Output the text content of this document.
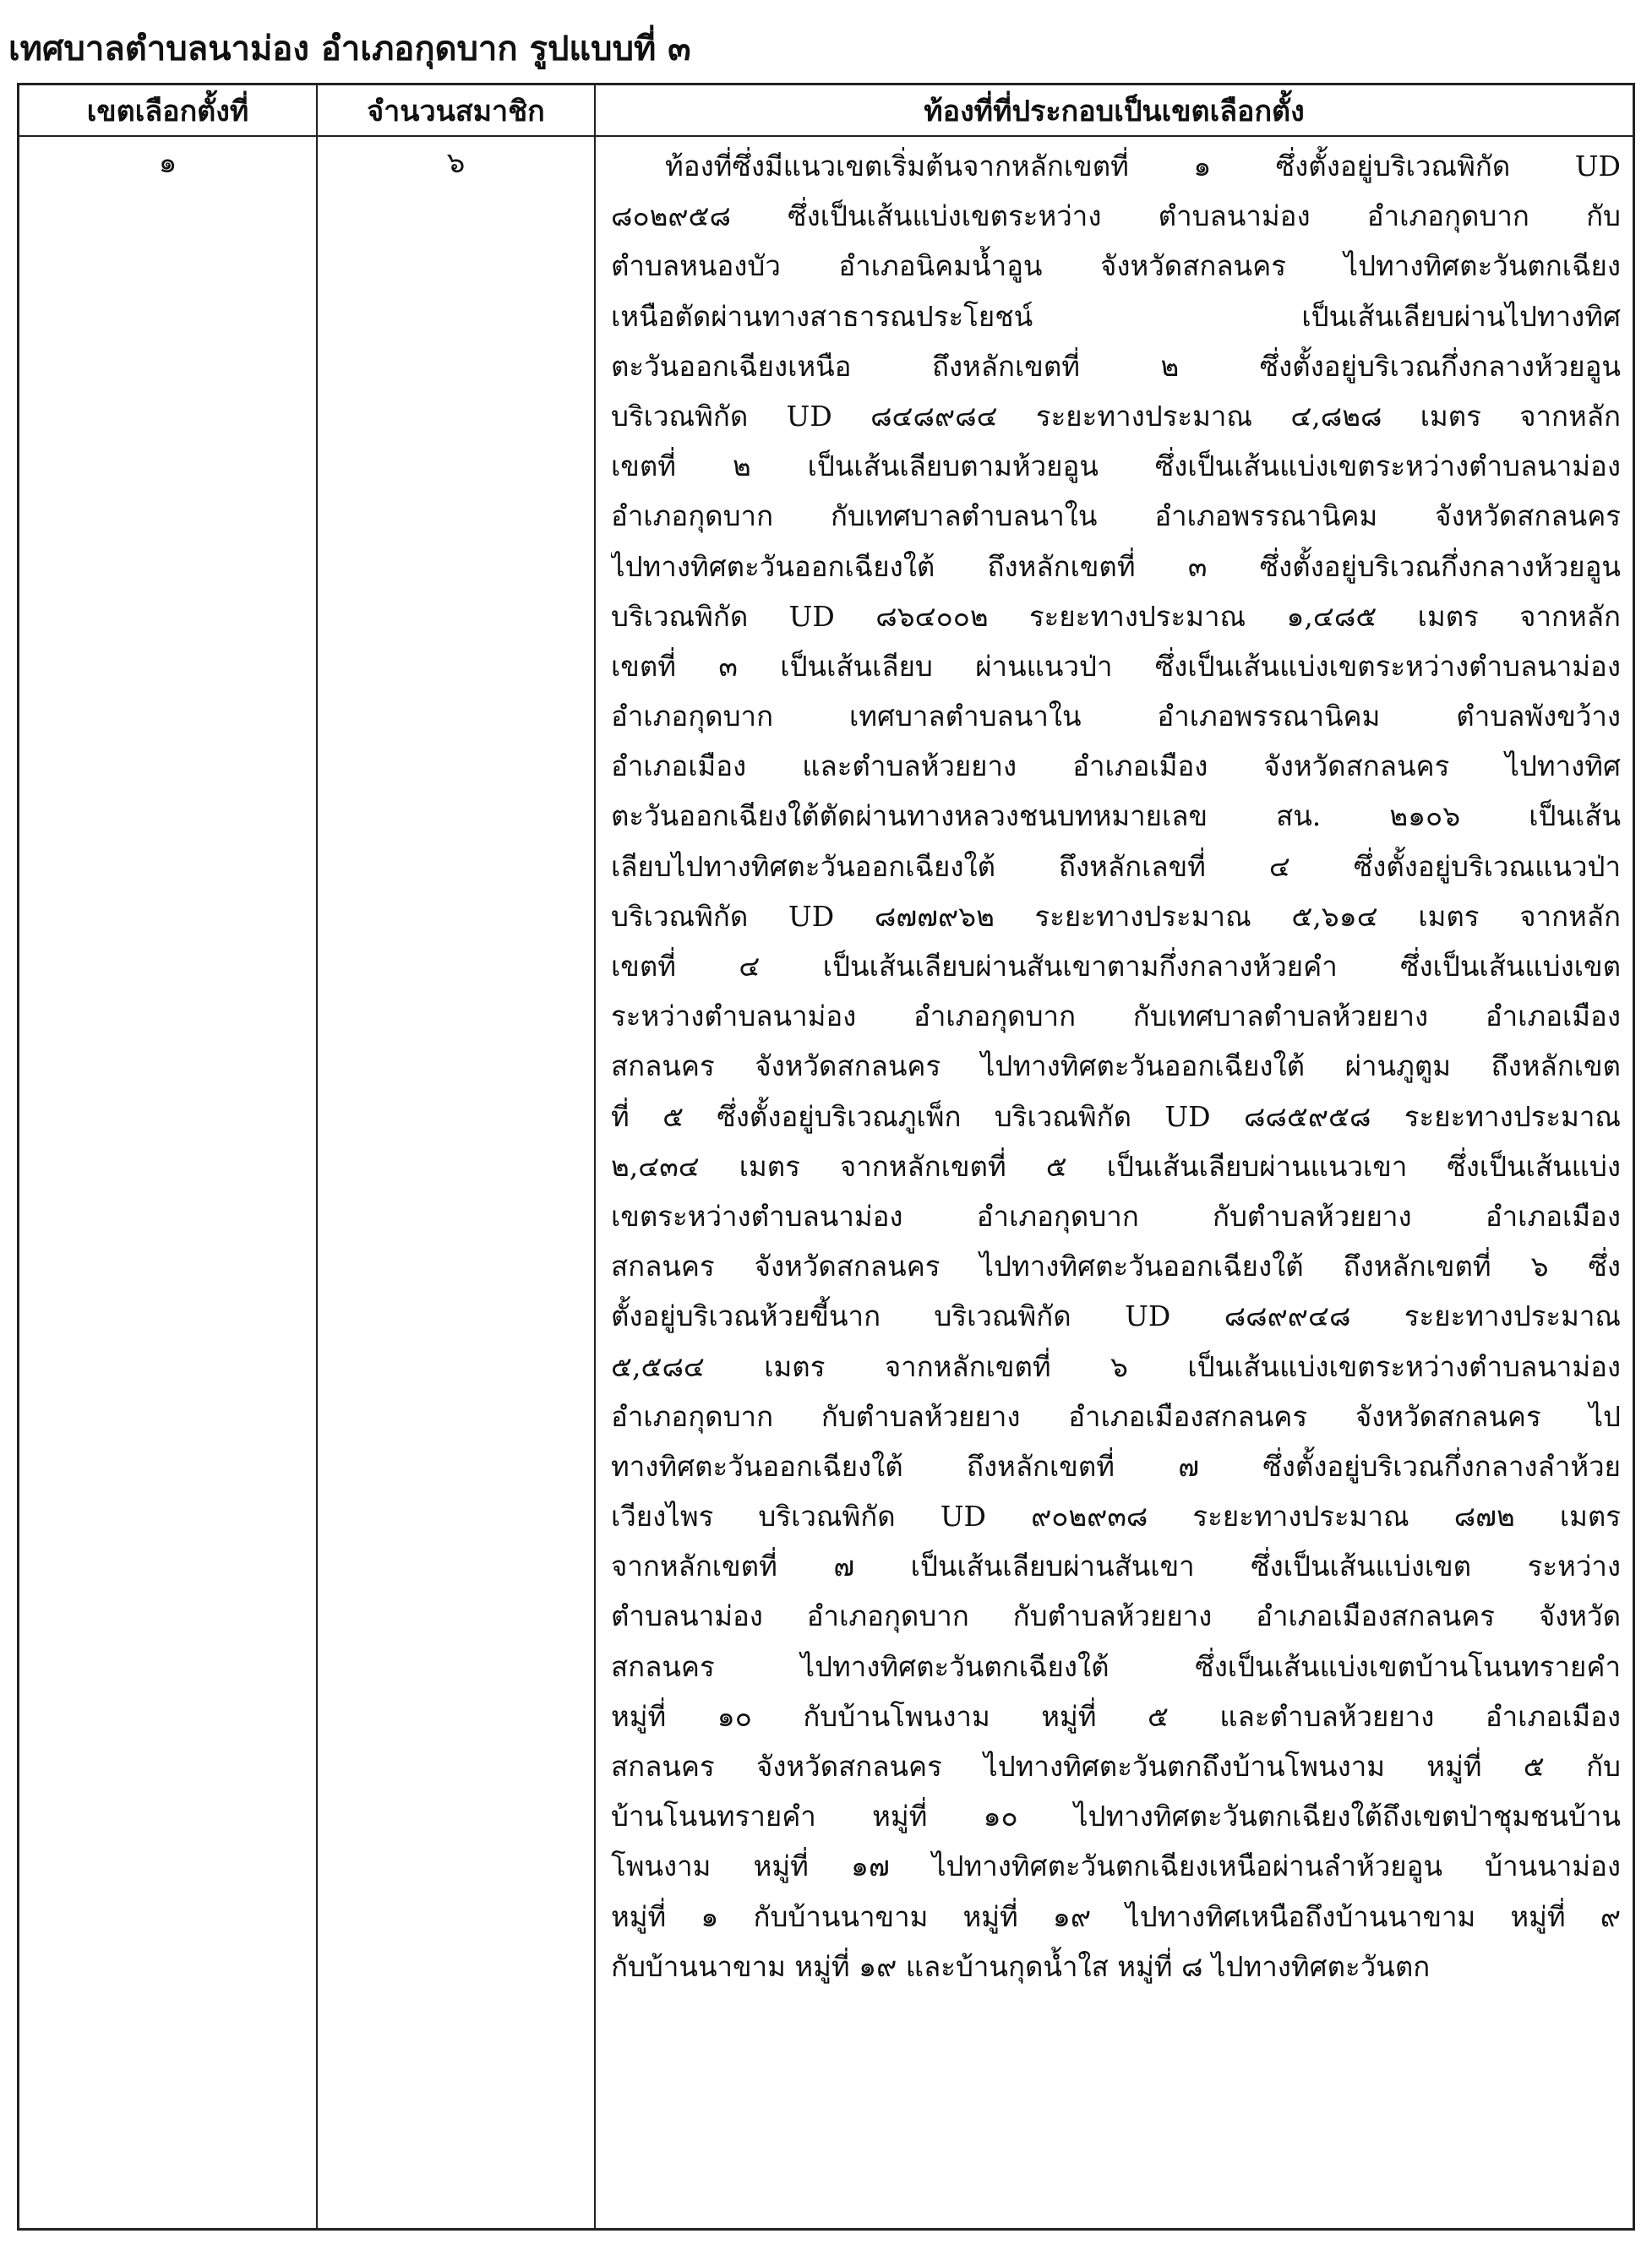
เทศบาลตำบลนาม่อง อำเภอกุดบาก รูปแบบที่ ๓
เขตเลือกตั้งที่	จำนวนสมาชิก	ท้องที่ที่ประกอบเป็นเขตเลือกตั้ง
๑	๖	ท้องที่ซึ่งมีแนวเขตเริ่มต้นจากหลักเขตที่ ๑ ซึ่งตั้งอยู่บริเวณพิกัด UD
๘๐๒๙๕๘ ซึ่งเป็นเส้นแบ่งเขตระหว่าง ตำบลนาม่อง อำเภอกุดบาก กับ
ตำบลหนองบัว อำเภอนิคมน้ำอูน จังหวัดสกลนคร ไปทางทิศตะวันตกเฉียง
เหนือตัดผ่านทางสาธารณประโยชน์ เป็นเส้นเลียบผ่านไปทางทิศ
ตะวันออกเฉียงเหนือ ถึงหลักเขตที่ ๒ ซึ่งตั้งอยู่บริเวณกึ่งกลางห้วยอูน
บริเวณพิกัด UD ๘๔๘๙๘๔ ระยะทางประมาณ ๔,๘๒๘ เมตร จากหลัก
เขตที่ ๒ เป็นเส้นเลียบตามห้วยอูน ซึ่งเป็นเส้นแบ่งเขตระหว่างตำบลนาม่อง
อำเภอกุดบาก กับเทศบาลตำบลนาใน อำเภอพรรณานิคม จังหวัดสกลนคร
ไปทางทิศตะวันออกเฉียงใต้ ถึงหลักเขตที่ ๓ ซึ่งตั้งอยู่บริเวณกึ่งกลางห้วยอูน
บริเวณพิกัด UD ๘๖๔๐๐๒ ระยะทางประมาณ ๑,๔๘๕ เมตร จากหลัก
เขตที่ ๓ เป็นเส้นเลียบ ผ่านแนวป่า ซึ่งเป็นเส้นแบ่งเขตระหว่างตำบลนาม่อง
อำเภอกุดบาก เทศบาลตำบลนาใน อำเภอพรรณานิคม ตำบลพังขว้าง
อำเภอเมือง และตำบลห้วยยาง อำเภอเมือง จังหวัดสกลนคร ไปทางทิศ
ตะวันออกเฉียงใต้ตัดผ่านทางหลวงชนบทหมายเลข สน. ๒๑๐๖ เป็นเส้น
เลียบไปทางทิศตะวันออกเฉียงใต้ ถึงหลักเลขที่ ๔ ซึ่งตั้งอยู่บริเวณแนวป่า
บริเวณพิกัด UD ๘๗๗๙๖๒ ระยะทางประมาณ ๕,๖๑๔ เมตร จากหลัก
เขตที่ ๔ เป็นเส้นเลียบผ่านสันเขาตามกึ่งกลางห้วยคำ ซึ่งเป็นเส้นแบ่งเขต
ระหว่างตำบลนาม่อง อำเภอกุดบาก กับเทศบาลตำบลห้วยยาง อำเภอเมือง
สกลนคร จังหวัดสกลนคร ไปทางทิศตะวันออกเฉียงใต้ ผ่านภูตูม ถึงหลักเขต
ที่ ๕ ซึ่งตั้งอยู่บริเวณภูเพ็ก บริเวณพิกัด UD ๘๘๕๙๕๘ ระยะทางประมาณ
๒,๔๓๔ เมตร จากหลักเขตที่ ๕ เป็นเส้นเลียบผ่านแนวเขา ซึ่งเป็นเส้นแบ่ง
เขตระหว่างตำบลนาม่อง อำเภอกุดบาก กับตำบลห้วยยาง อำเภอเมือง
สกลนคร จังหวัดสกลนคร ไปทางทิศตะวันออกเฉียงใต้ ถึงหลักเขตที่ ๖ ซึ่ง
ตั้งอยู่บริเวณห้วยขี้นาก บริเวณพิกัด UD ๘๘๙๙๔๘ ระยะทางประมาณ
๕,๕๘๔ เมตร จากหลักเขตที่ ๖ เป็นเส้นแบ่งเขตระหว่างตำบลนาม่อง
อำเภอกุดบาก กับตำบลห้วยยาง อำเภอเมืองสกลนคร จังหวัดสกลนคร ไป
ทางทิศตะวันออกเฉียงใต้ ถึงหลักเขตที่ ๗ ซึ่งตั้งอยู่บริเวณกึ่งกลางลำห้วย
เวียงไพร บริเวณพิกัด UD ๙๐๒๙๓๘ ระยะทางประมาณ ๘๗๒ เมตร
จากหลักเขตที่ ๗ เป็นเส้นเลียบผ่านสันเขา ซึ่งเป็นเส้นแบ่งเขต ระหว่าง
ตำบลนาม่อง อำเภอกุดบาก กับตำบลห้วยยาง อำเภอเมืองสกลนคร จังหวัด
สกลนคร ไปทางทิศตะวันตกเฉียงใต้ ซึ่งเป็นเส้นแบ่งเขตบ้านโนนทรายคำ
หมู่ที่ ๑๐ กับบ้านโพนงาม หมู่ที่ ๕ และตำบลห้วยยาง อำเภอเมือง
สกลนคร จังหวัดสกลนคร ไปทางทิศตะวันตกถึงบ้านโพนงาม หมู่ที่ ๕ กับ
บ้านโนนทรายคำ หมู่ที่ ๑๐ ไปทางทิศตะวันตกเฉียงใต้ถึงเขตป่าชุมชนบ้าน
โพนงาม หมู่ที่ ๑๗ ไปทางทิศตะวันตกเฉียงเหนือผ่านลำห้วยอูน บ้านนาม่อง
หมู่ที่ ๑ กับบ้านนาขาม หมู่ที่ ๑๙ ไปทางทิศเหนือถึงบ้านนาขาม หมู่ที่ ๙
กับบ้านนาขาม หมู่ที่ ๑๙ และบ้านกุดน้ำใส หมู่ที่ ๘ ไปทางทิศตะวันตก
